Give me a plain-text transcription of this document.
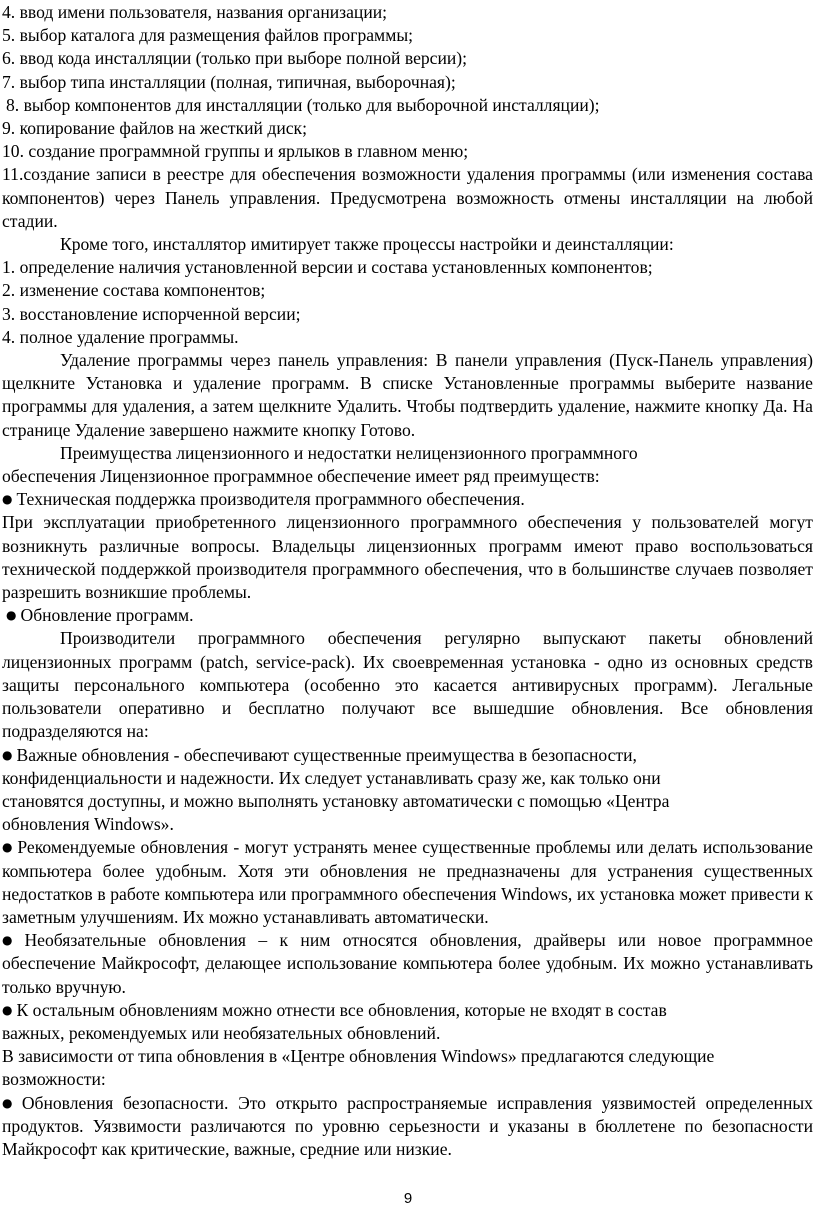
4. ввод имени пользователя, названия организации;

5. выбор каталога для размещения файлов программы;

6. ввод кода инсталляции (только при выборе полной версии);

7. выбор типа инсталляции (полная, типичная, выборочная);

8. выбор компонентов для инсталляции (только для выборочной инсталляции);

9. копирование файлов на жесткий диск;

10. создание программной группы и ярлыков в главном меню;

11.создание записи в реестре для обеспечения возможности удаления программы (или изменения состава компонентов) через Панель управления. Предусмотрена возможность отмены инсталляции на любой стадии.

Кроме того, инсталлятор имитирует также процессы настройки и деинсталляции:

1. определение наличия установленной версии и состава установленных компонентов;

2. изменение состава компонентов;

3. восстановление испорченной версии;

4. полное удаление программы.

Удаление программы через панель управления: В панели управления (Пуск-Панель управления) щелкните Установка и удаление программ. В списке Установленные программы выберите название программы для удаления, а затем щелкните Удалить. Чтобы подтвердить удаление, нажмите кнопку Да. На странице Удаление завершено нажмите кнопку Готово.

Преимущества лицензионного и недостатки нелицензионного программного

обеспечения Лицензионное программное обеспечение имеет ряд преимуществ:

● Техническая поддержка производителя программного обеспечения.

При эксплуатации приобретенного лицензионного программного обеспечения у пользователей могут возникнуть различные вопросы. Владельцы лицензионных программ имеют право воспользоваться технической поддержкой производителя программного обеспечения, что в большинстве случаев позволяет разрешить возникшие проблемы.

● Обновление программ.

Производители программного обеспечения регулярно выпускают пакеты обновлений лицензионных программ (patch, service-pack). Их своевременная установка - одно из основных средств защиты персонального компьютера (особенно это касается антивирусных программ). Легальные пользователи оперативно и бесплатно получают все вышедшие обновления. Все обновления подразделяются на:

● Важные обновления - обеспечивают существенные преимущества в безопасности,

конфиденциальности и надежности. Их следует устанавливать сразу же, как только они

становятся доступны, и можно выполнять установку автоматически с помощью «Центра

обновления Windows».

● Рекомендуемые обновления - могут устранять менее существенные проблемы или делать использование компьютера более удобным. Хотя эти обновления не предназначены для устранения существенных недостатков в работе компьютера или программного обеспечения Windows, их установка может привести к заметным улучшениям. Их можно устанавливать автоматически.

● Необязательные обновления – к ним относятся обновления, драйверы или новое программное обеспечение Майкрософт, делающее использование компьютера более удобным. Их можно устанавливать только вручную.

● К остальным обновлениям можно отнести все обновления, которые не входят в состав

важных, рекомендуемых или необязательных обновлений.

В зависимости от типа обновления в «Центре обновления Windows» предлагаются следующие

возможности:

● Обновления безопасности. Это открыто распространяемые исправления уязвимостей определенных продуктов. Уязвимости различаются по уровню серьезности и указаны в бюллетене по безопасности Майкрософт как критические, важные, средние или низкие.

9
